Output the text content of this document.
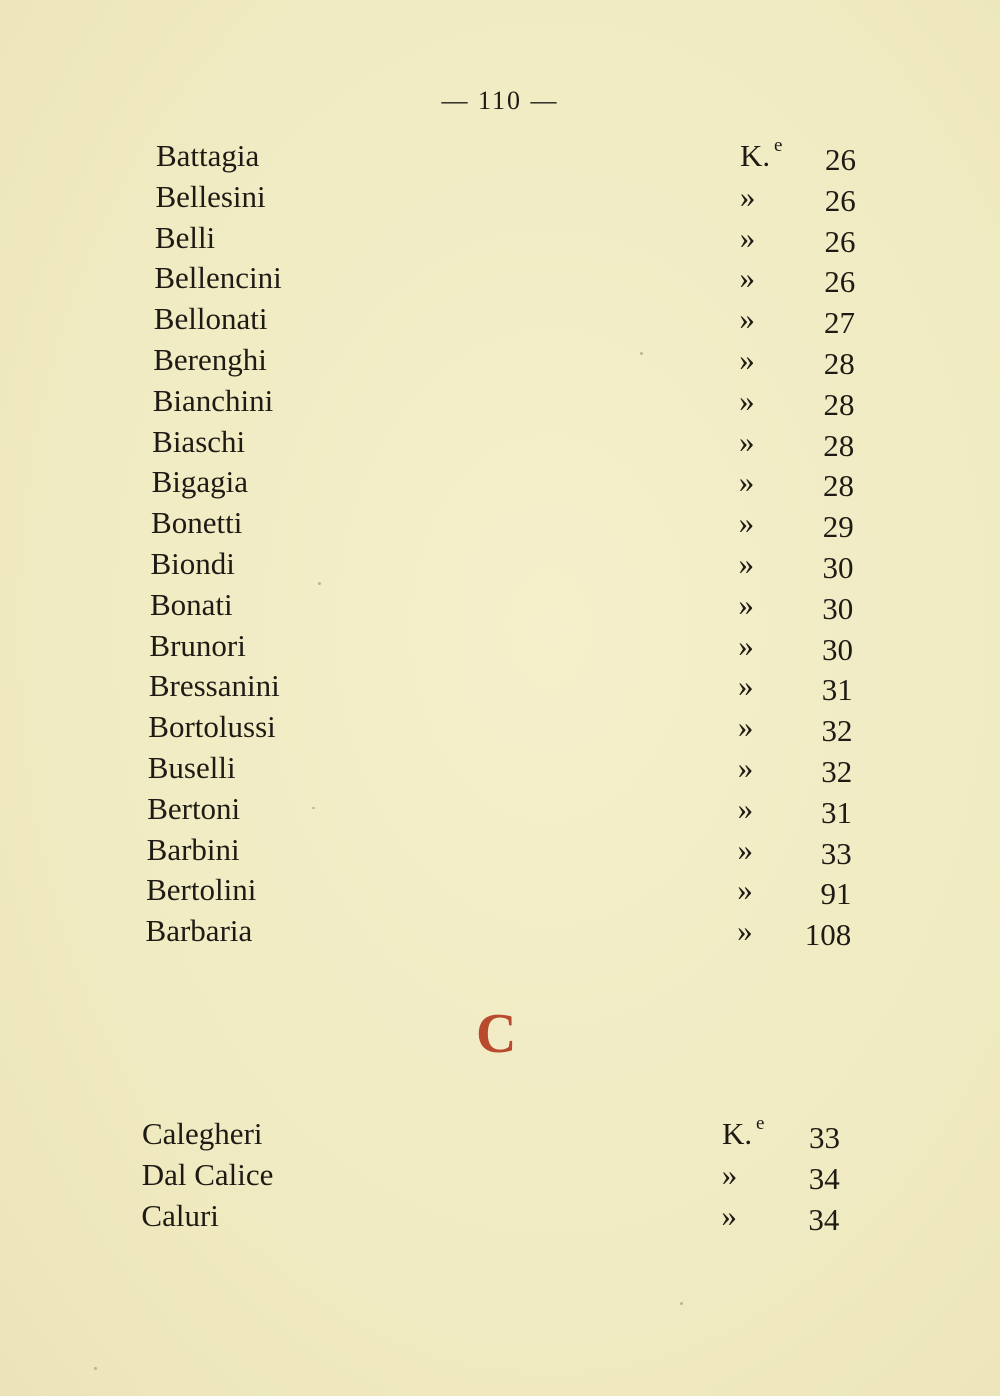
— 110 —
Battagia	K. e	26
Bellesini	»	26
Belli	»	26
Bellencini	»	26
Bellonati	»	27
Berenghi	»	28
Bianchini	»	28
Biaschi	»	28
Bigagia	»	28
Bonetti	»	29
Biondi	»	30
Bonati	»	30
Brunori	»	30
Bressanini	»	31
Bortolussi	»	32
Buselli	»	32
Bertoni	»	31
Barbini	»	33
Bertolini	»	91
Barbaria	»	108
C
Calegheri	K. e	33
Dal Calice	»	34
Caluri	»	34
